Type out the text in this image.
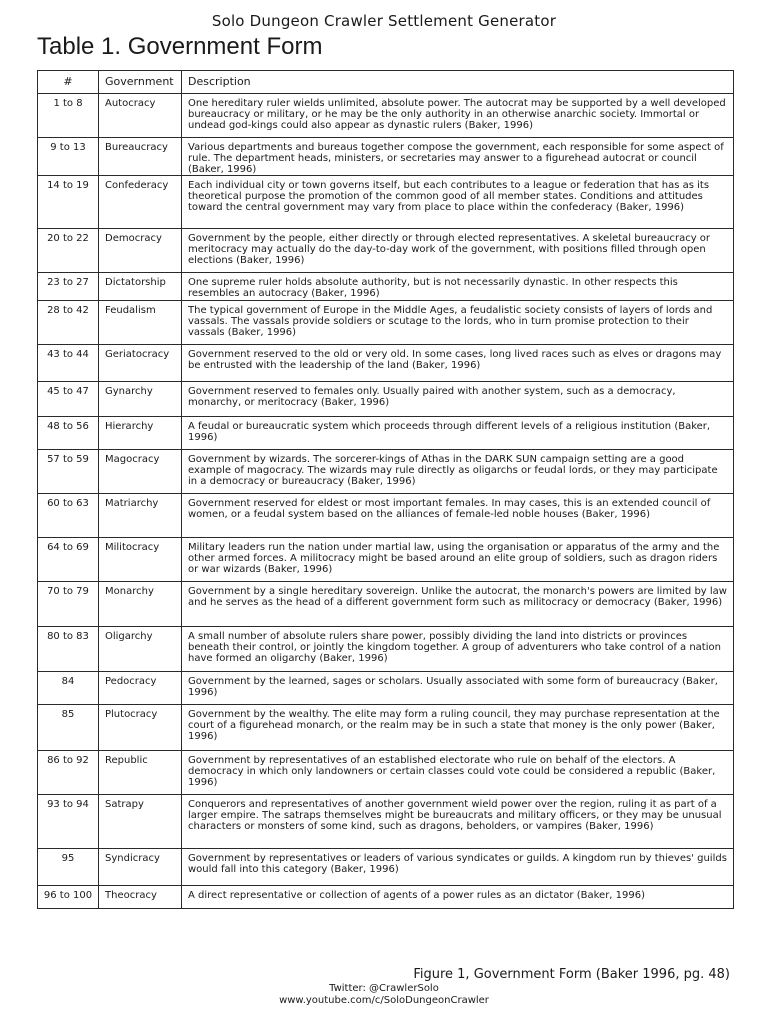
Solo Dungeon Crawler Settlement Generator
Table 1. Government Form
#	Government	Description
1 to 8	Autocracy	One hereditary ruler wields unlimited, absolute power. The autocrat may be supported by a well developed bureaucracy or military, or he may be the only authority in an otherwise anarchic society. Immortal or undead god-kings could also appear as dynastic rulers (Baker, 1996)
9 to 13	Bureaucracy	Various departments and bureaus together compose the government, each responsible for some aspect of rule. The department heads, ministers, or secretaries may answer to a figurehead autocrat or council (Baker, 1996)
14 to 19	Confederacy	Each individual city or town governs itself, but each contributes to a league or federation that has as its theoretical purpose the promotion of the common good of all member states. Conditions and attitudes toward the central government may vary from place to place within the confederacy (Baker, 1996)
20 to 22	Democracy	Government by the people, either directly or through elected representatives. A skeletal bureaucracy or meritocracy may actually do the day-to-day work of the government, with positions filled through open elections (Baker, 1996)
23 to 27	Dictatorship	One supreme ruler holds absolute authority, but is not necessarily dynastic. In other respects this resembles an autocracy (Baker, 1996)
28 to 42	Feudalism	The typical government of Europe in the Middle Ages, a feudalistic society consists of layers of lords and vassals. The vassals provide soldiers or scutage to the lords, who in turn promise protection to their vassals (Baker, 1996)
43 to 44	Geriatocracy	Government reserved to the old or very old. In some cases, long lived races such as elves or dragons may be entrusted with the leadership of the land (Baker, 1996)
45 to 47	Gynarchy	Government reserved to females only. Usually paired with another system, such as a democracy, monarchy, or meritocracy (Baker, 1996)
48 to 56	Hierarchy	A feudal or bureaucratic system which proceeds through different levels of a religious institution (Baker, 1996)
57 to 59	Magocracy	Government by wizards. The sorcerer-kings of Athas in the DARK SUN campaign setting are a good example of magocracy. The wizards may rule directly as oligarchs or feudal lords, or they may participate in a democracy or bureaucracy (Baker, 1996)
60 to 63	Matriarchy	Government reserved for eldest or most important females. In may cases, this is an extended council of women, or a feudal system based on the alliances of female-led noble houses (Baker, 1996)
64 to 69	Militocracy	Military leaders run the nation under martial law, using the organisation or apparatus of the army and the other armed forces. A militocracy might be based around an elite group of soldiers, such as dragon riders or war wizards (Baker, 1996)
70 to 79	Monarchy	Government by a single hereditary sovereign. Unlike the autocrat, the monarch's powers are limited by law and he serves as the head of a different government form such as militocracy or democracy (Baker, 1996)
80 to 83	Oligarchy	A small number of absolute rulers share power, possibly dividing the land into districts or provinces beneath their control, or jointly the kingdom together. A group of adventurers who take control of a nation have formed an oligarchy (Baker, 1996)
84	Pedocracy	Government by the learned, sages or scholars. Usually associated with some form of bureaucracy (Baker, 1996)
85	Plutocracy	Government by the wealthy. The elite may form a ruling council, they may purchase representation at the court of a figurehead monarch, or the realm may be in such a state that money is the only power (Baker, 1996)
86 to 92	Republic	Government by representatives of an established electorate who rule on behalf of the electors. A democracy in which only landowners or certain classes could vote could be considered a republic (Baker, 1996)
93 to 94	Satrapy	Conquerors and representatives of another government wield power over the region, ruling it as part of a larger empire. The satraps themselves might be bureaucrats and military officers, or they may be unusual characters or monsters of some kind, such as dragons, beholders, or vampires (Baker, 1996)
95	Syndicracy	Government by representatives or leaders of various syndicates or guilds. A kingdom run by thieves' guilds would fall into this category (Baker, 1996)
96 to 100	Theocracy	A direct representative or collection of agents of a power rules as an dictator (Baker, 1996)
Figure 1, Government Form (Baker 1996, pg. 48)
Twitter: @CrawlerSolo
www.youtube.com/c/SoloDungeonCrawler
